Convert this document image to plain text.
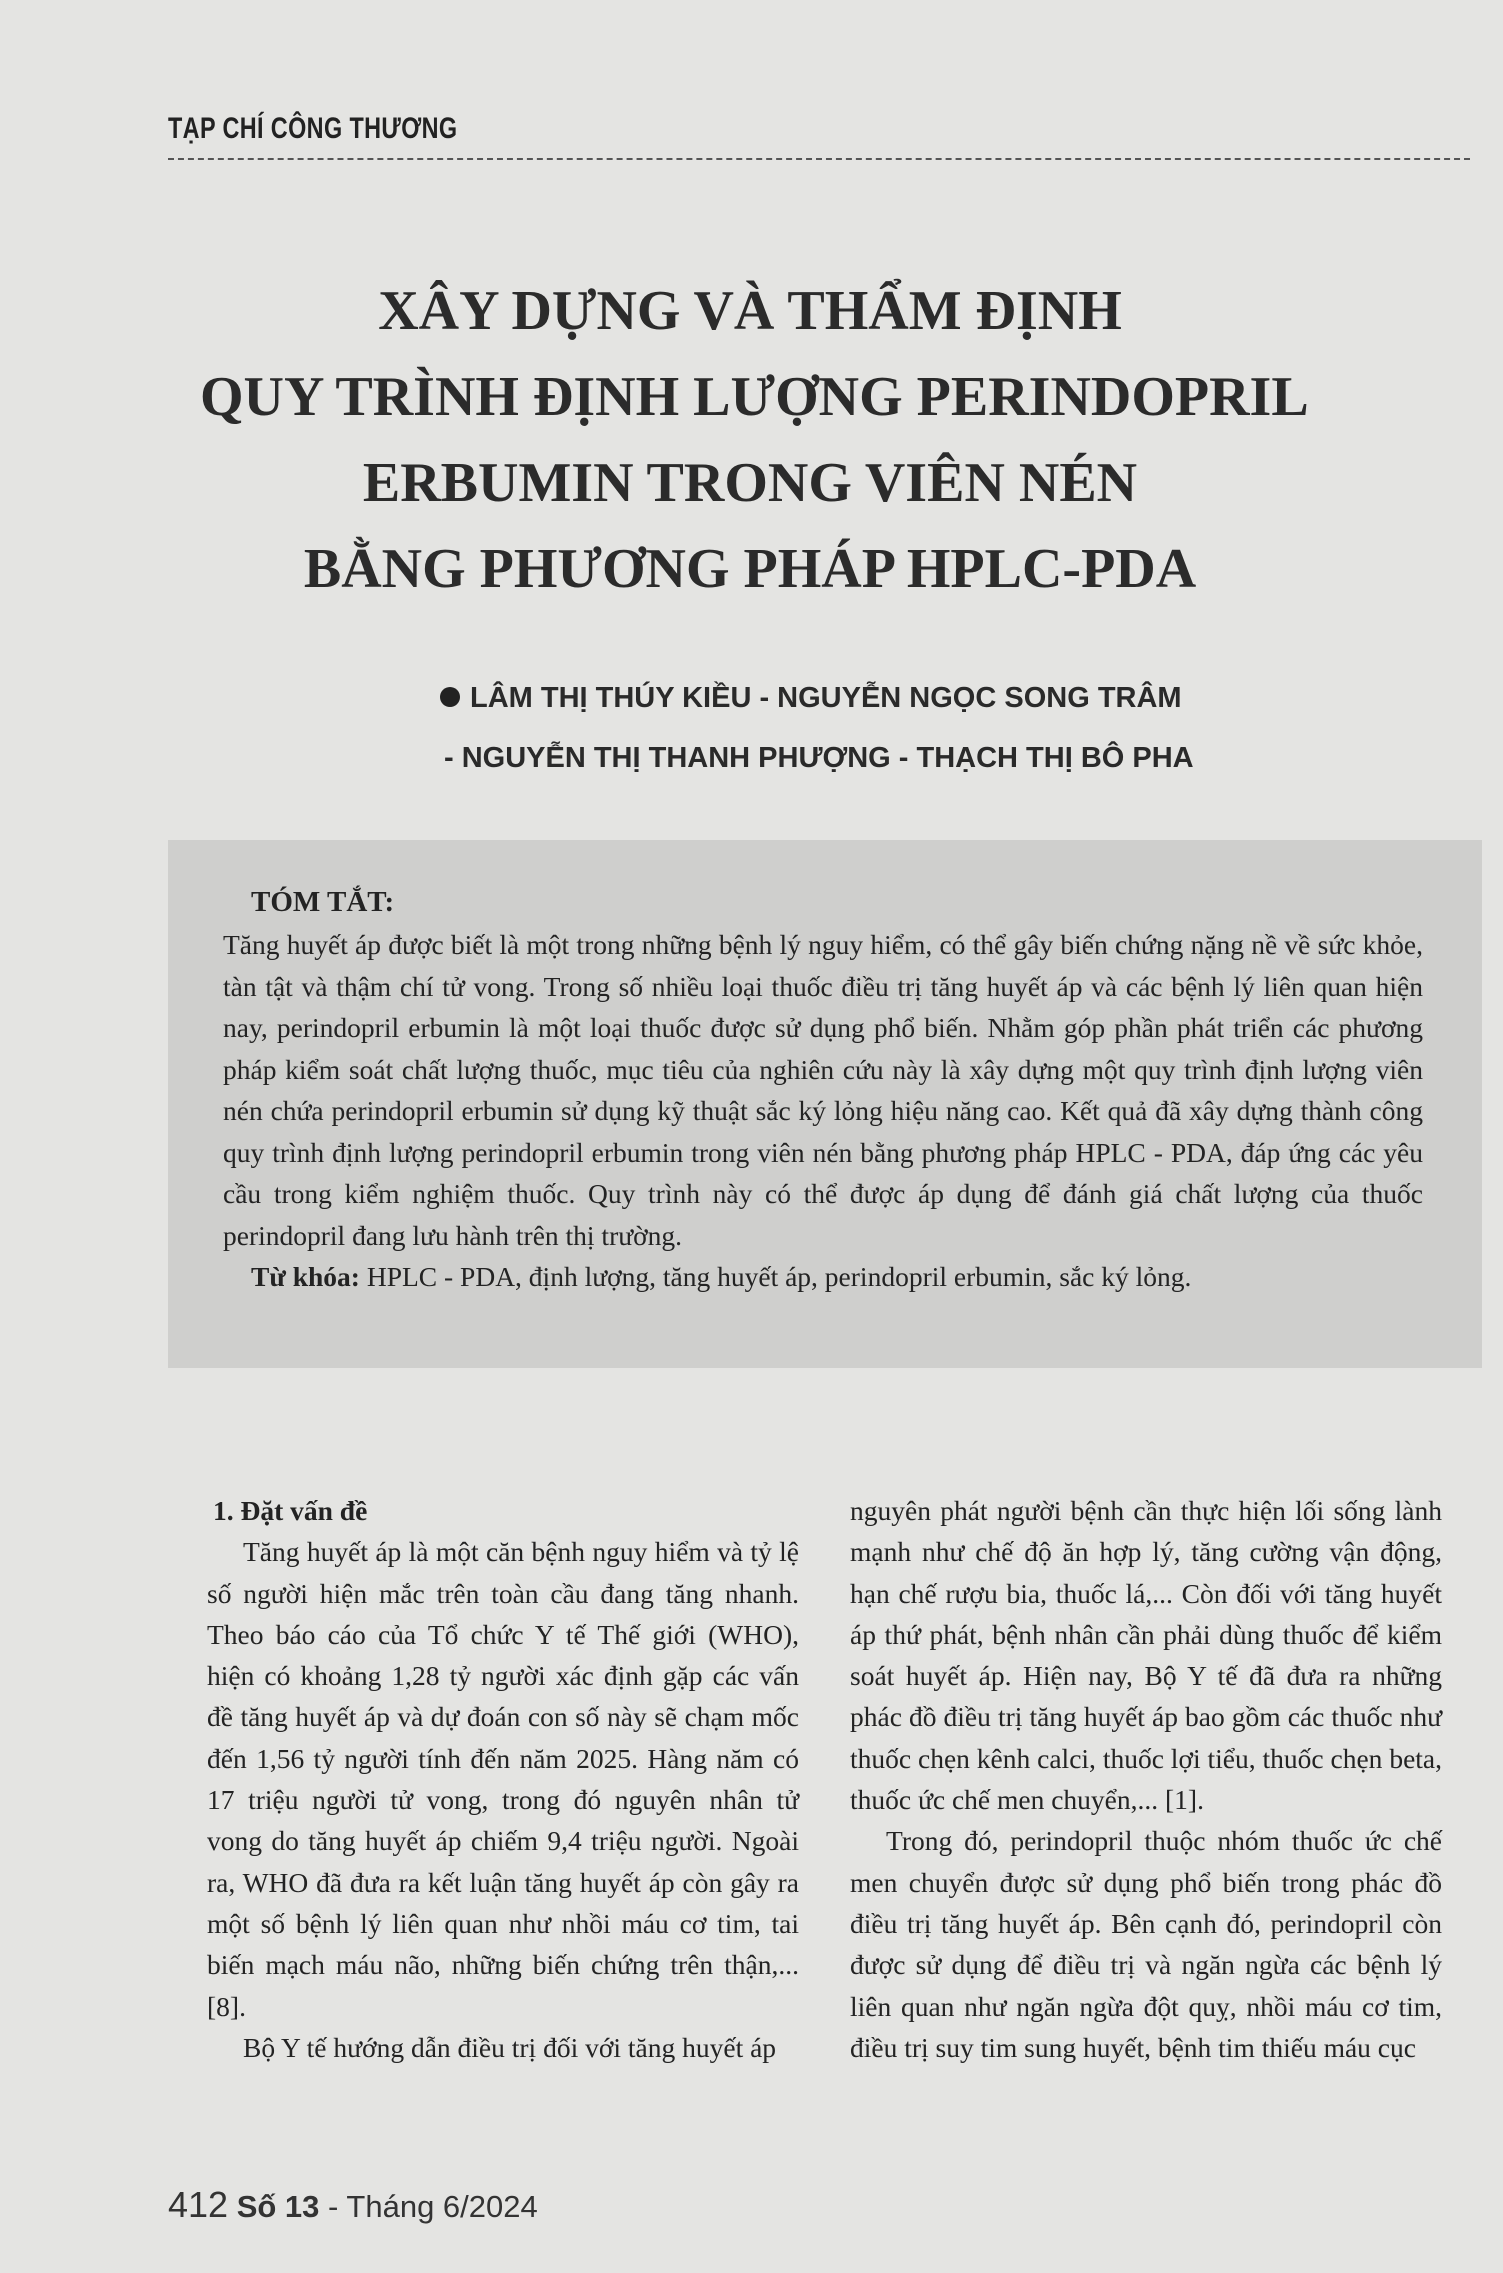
TẠP CHÍ CÔNG THƯƠNG
XÂY DỰNG VÀ THẨM ĐỊNH
QUY TRÌNH ĐỊNH LƯỢNG PERINDOPRIL
ERBUMIN TRONG VIÊN NÉN
BẰNG PHƯƠNG PHÁP HPLC-PDA
LÂM THỊ THÚY KIỀU - NGUYỄN NGỌC SONG TRÂM
- NGUYỄN THỊ THANH PHƯỢNG - THẠCH THỊ BÔ PHA
TÓM TẮT:
Tăng huyết áp được biết là một trong những bệnh lý nguy hiểm, có thể gây biến chứng nặng nề về sức khỏe, tàn tật và thậm chí tử vong. Trong số nhiều loại thuốc điều trị tăng huyết áp và các bệnh lý liên quan hiện nay, perindopril erbumin là một loại thuốc được sử dụng phổ biến. Nhằm góp phần phát triển các phương pháp kiểm soát chất lượng thuốc, mục tiêu của nghiên cứu này là xây dựng một quy trình định lượng viên nén chứa perindopril erbumin sử dụng kỹ thuật sắc ký lỏng hiệu năng cao. Kết quả đã xây dựng thành công quy trình định lượng perindopril erbumin trong viên nén bằng phương pháp HPLC - PDA, đáp ứng các yêu cầu trong kiểm nghiệm thuốc. Quy trình này có thể được áp dụng để đánh giá chất lượng của thuốc perindopril đang lưu hành trên thị trường.
Từ khóa: HPLC - PDA, định lượng, tăng huyết áp, perindopril erbumin, sắc ký lỏng.

1. Đặt vấn đề

Tăng huyết áp là một căn bệnh nguy hiểm và tỷ lệ số người hiện mắc trên toàn cầu đang tăng nhanh. Theo báo cáo của Tổ chức Y tế Thế giới (WHO), hiện có khoảng 1,28 tỷ người xác định gặp các vấn đề tăng huyết áp và dự đoán con số này sẽ chạm mốc đến 1,56 tỷ người tính đến năm 2025. Hàng năm có 17 triệu người tử vong, trong đó nguyên nhân tử vong do tăng huyết áp chiếm 9,4 triệu người. Ngoài ra, WHO đã đưa ra kết luận tăng huyết áp còn gây ra một số bệnh lý liên quan như nhồi máu cơ tim, tai biến mạch máu não, những biến chứng trên thận,...[8].

Bộ Y tế hướng dẫn điều trị đối với tăng huyết áp

nguyên phát người bệnh cần thực hiện lối sống lành mạnh như chế độ ăn hợp lý, tăng cường vận động, hạn chế rượu bia, thuốc lá,... Còn đối với tăng huyết áp thứ phát, bệnh nhân cần phải dùng thuốc để kiểm soát huyết áp. Hiện nay, Bộ Y tế đã đưa ra những phác đồ điều trị tăng huyết áp bao gồm các thuốc như thuốc chẹn kênh calci, thuốc lợi tiểu, thuốc chẹn beta, thuốc ức chế men chuyển,... [1].

Trong đó, perindopril thuộc nhóm thuốc ức chế men chuyển được sử dụng phổ biến trong phác đồ điều trị tăng huyết áp. Bên cạnh đó, perindopril còn được sử dụng để điều trị và ngăn ngừa các bệnh lý liên quan như ngăn ngừa đột quỵ, nhồi máu cơ tim, điều trị suy tim sung huyết, bệnh tim thiếu máu cục

412 Số 13 - Tháng 6/2024
